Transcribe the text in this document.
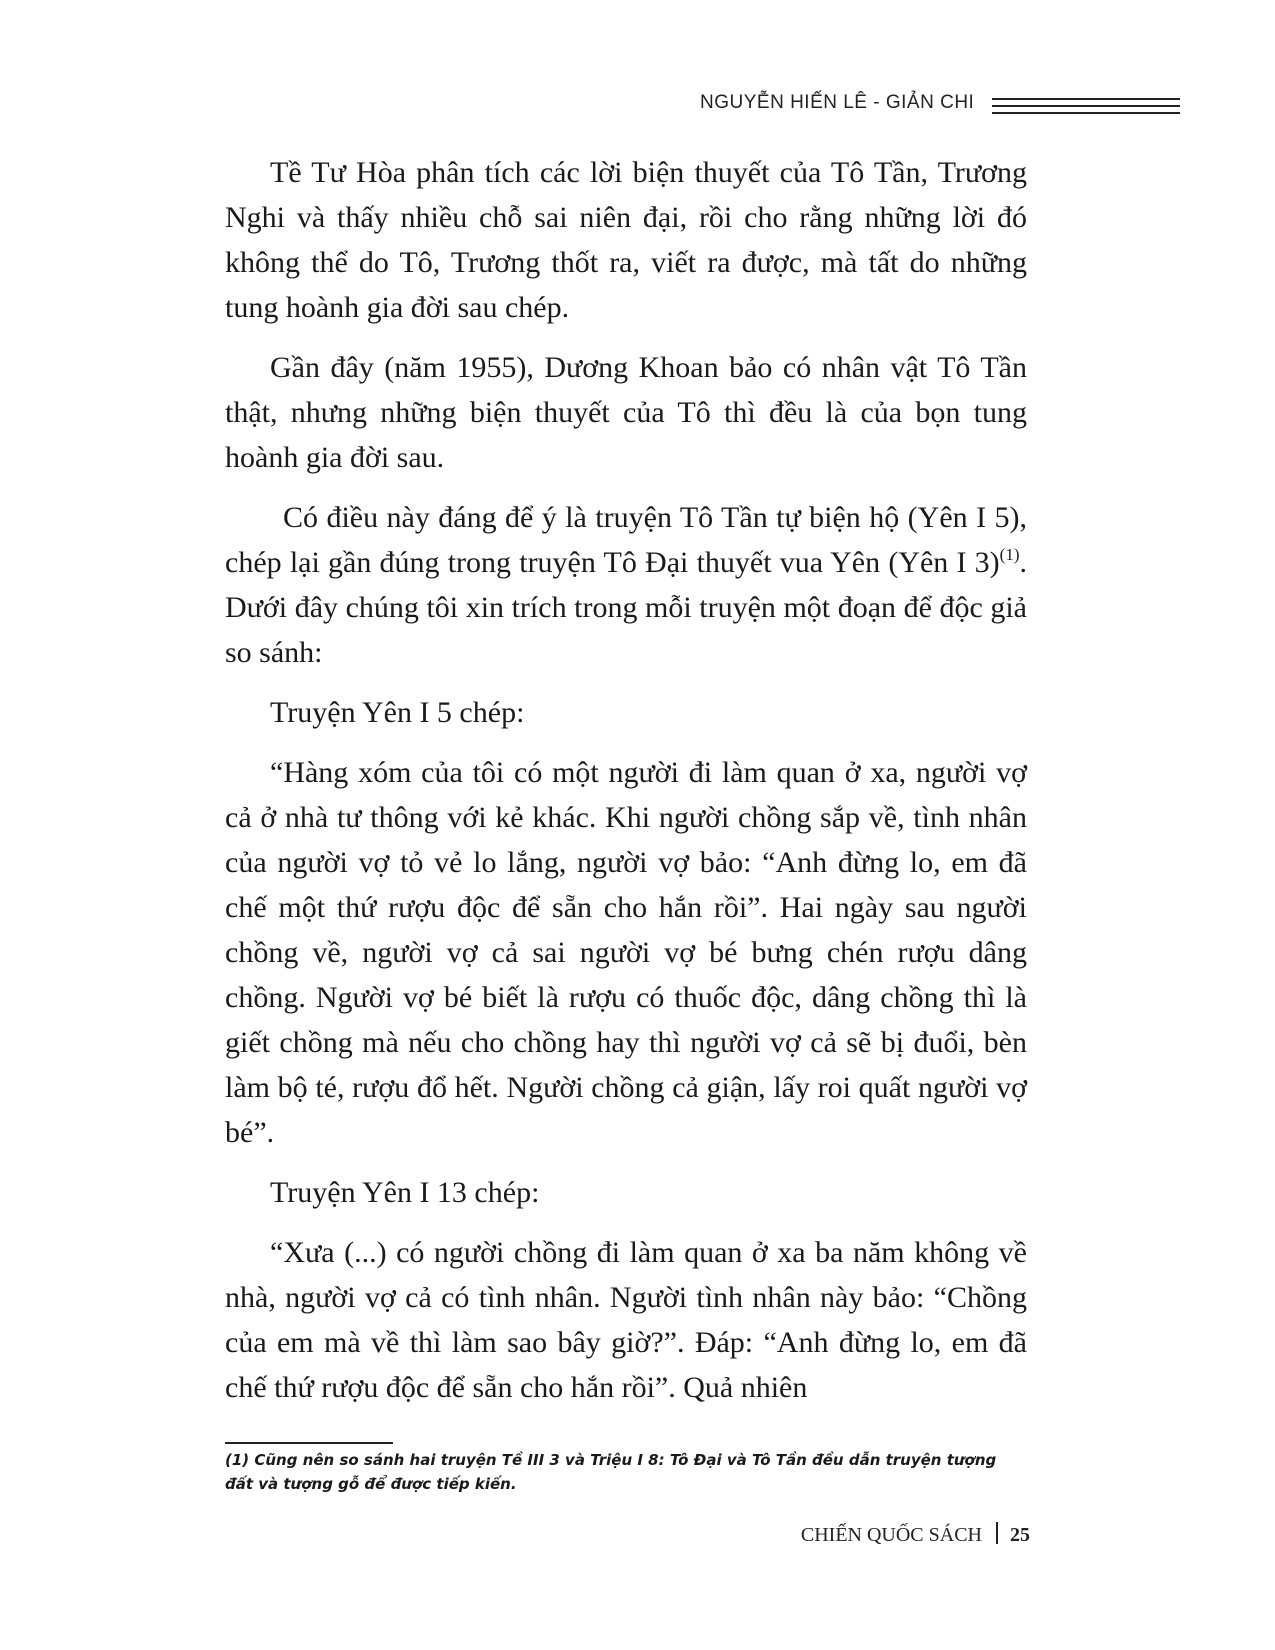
NGUYỄN HIẾN LÊ - GIẢN CHI

Tề Tư Hòa phân tích các lời biện thuyết của Tô Tần, Trương Nghi và thấy nhiều chỗ sai niên đại, rồi cho rằng những lời đó không thể do Tô, Trương thốt ra, viết ra được, mà tất do những tung hoành gia đời sau chép.

Gần đây (năm 1955), Dương Khoan bảo có nhân vật Tô Tần thật, nhưng những biện thuyết của Tô thì đều là của bọn tung hoành gia đời sau.

Có điều này đáng để ý là truyện Tô Tần tự biện hộ (Yên I 5), chép lại gần đúng trong truyện Tô Đại thuyết vua Yên (Yên I 3)$^{(1)}$. Dưới đây chúng tôi xin trích trong mỗi truyện một đoạn để độc giả so sánh:

Truyện Yên I 5 chép:

“Hàng xóm của tôi có một người đi làm quan ở xa, người vợ cả ở nhà tư thông với kẻ khác. Khi người chồng sắp về, tình nhân của người vợ tỏ vẻ lo lắng, người vợ bảo: “Anh đừng lo, em đã chế một thứ rượu độc để sẵn cho hắn rồi”. Hai ngày sau người chồng về, người vợ cả sai người vợ bé bưng chén rượu dâng chồng. Người vợ bé biết là rượu có thuốc độc, dâng chồng thì là giết chồng mà nếu cho chồng hay thì người vợ cả sẽ bị đuổi, bèn làm bộ té, rượu đổ hết. Người chồng cả giận, lấy roi quất người vợ bé”.

Truyện Yên I 13 chép:

“Xưa (...) có người chồng đi làm quan ở xa ba năm không về nhà, người vợ cả có tình nhân. Người tình nhân này bảo: “Chồng của em mà về thì làm sao bây giờ?”. Đáp: “Anh đừng lo, em đã chế thứ rượu độc để sẵn cho hắn rồi”. Quả nhiên

(1) Cũng nên so sánh hai truyện Tề III 3 và Triệu I 8: Tô Đại và Tô Tần đều dẫn truyện tượng đất và tượng gỗ để được tiếp kiến.
CHIẾN QUỐC SÁCH 25
